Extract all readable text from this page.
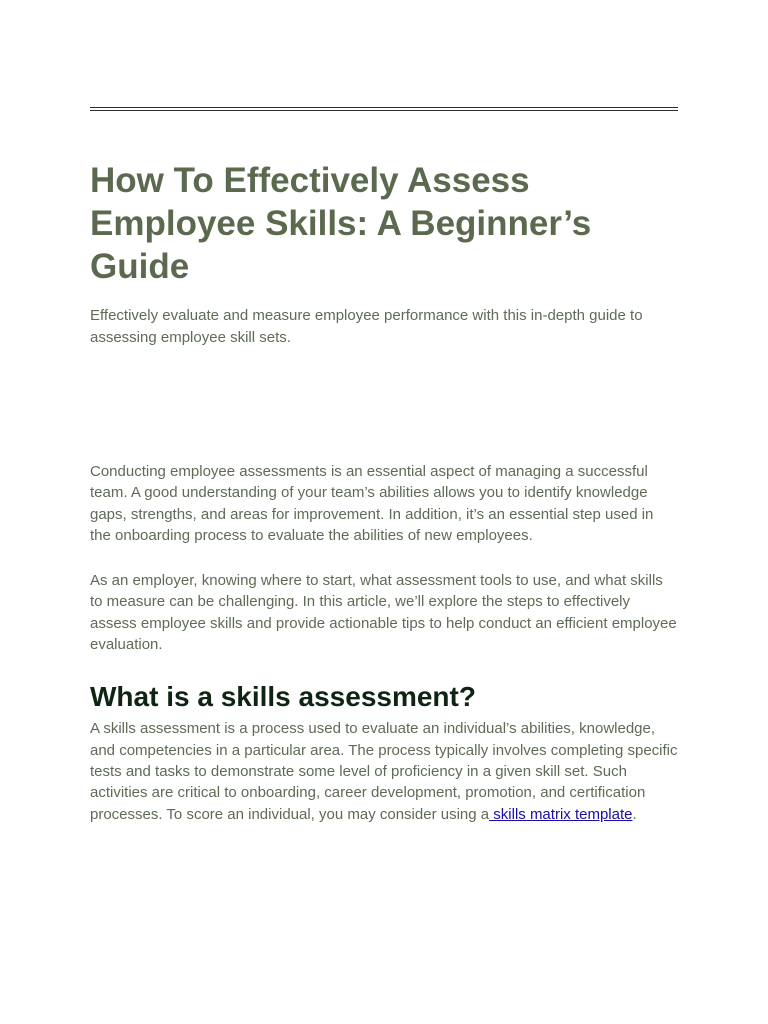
How To Effectively Assess Employee Skills: A Beginner’s Guide

Effectively evaluate and measure employee performance with this in-depth guide to assessing employee skill sets.

Conducting employee assessments is an essential aspect of managing a successful team. A good understanding of your team’s abilities allows you to identify knowledge gaps, strengths, and areas for improvement. In addition, it’s an essential step used in the onboarding process to evaluate the abilities of new employees.

As an employer, knowing where to start, what assessment tools to use, and what skills to measure can be challenging. In this article, we’ll explore the steps to effectively assess employee skills and provide actionable tips to help conduct an efficient employee evaluation.

What is a skills assessment?

A skills assessment is a process used to evaluate an individual’s abilities, knowledge, and competencies in a particular area. The process typically involves completing specific tests and tasks to demonstrate some level of proficiency in a given skill set. Such activities are critical to onboarding, career development, promotion, and certification processes. To score an individual, you may consider using a skills matrix template.
